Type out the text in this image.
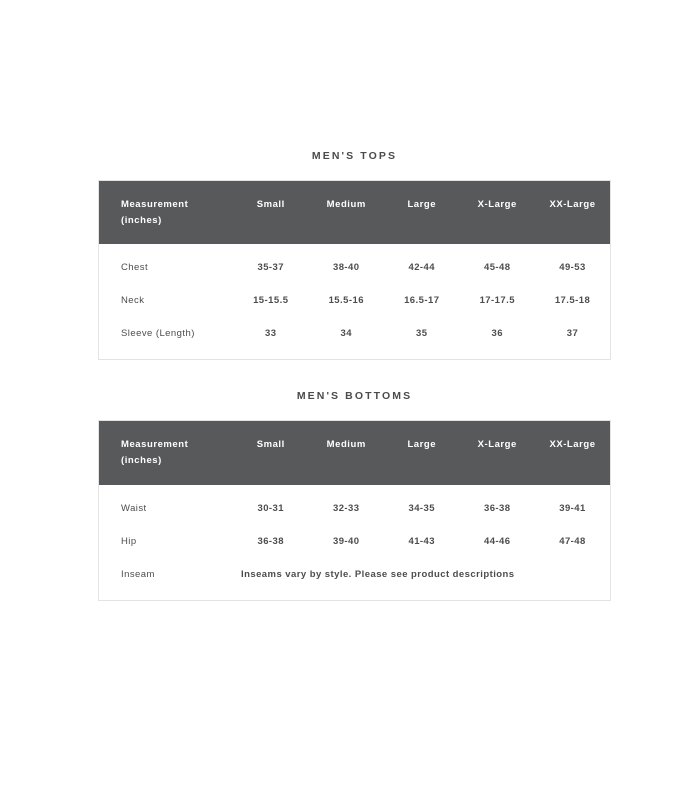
MEN'S TOPS
Measurement
(inches)	Small	Medium	Large	X-Large	XX-Large
Chest	35-37	38-40	42-44	45-48	49-53
Neck	15-15.5	15.5-16	16.5-17	17-17.5	17.5-18
Sleeve (Length)	33	34	35	36	37
MEN'S BOTTOMS
Measurement
(inches)	Small	Medium	Large	X-Large	XX-Large
Waist	30-31	32-33	34-35	36-38	39-41
Hip	36-38	39-40	41-43	44-46	47-48
Inseam	Inseams vary by style. Please see product descriptions				
